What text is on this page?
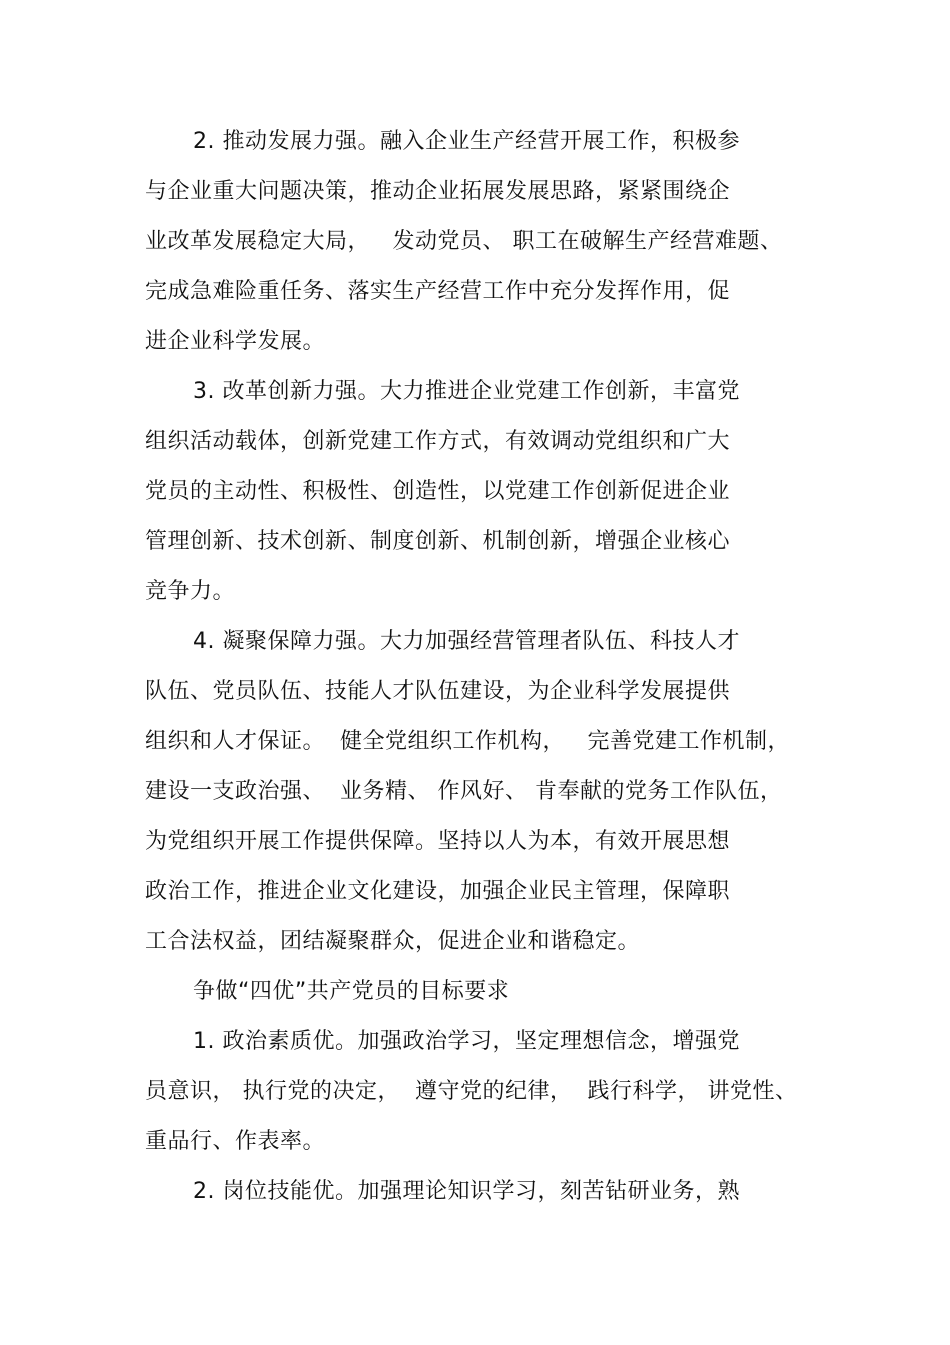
2. 推动发展力强。融入企业生产经营开展工作，积极参
与企业重大问题决策，推动企业拓展发展思路，紧紧围绕企
业改革发展稳定大局，   发动党员、 职工在破解生产经营难题、
完成急难险重任务、落实生产经营工作中充分发挥作用，促
进企业科学发展。
3. 改革创新力强。大力推进企业党建工作创新，丰富党
组织活动载体，创新党建工作方式，有效调动党组织和广大
党员的主动性、积极性、创造性，以党建工作创新促进企业
管理创新、技术创新、制度创新、机制创新，增强企业核心
竞争力。
4. 凝聚保障力强。大力加强经营管理者队伍、科技人才
队伍、党员队伍、技能人才队伍建设，为企业科学发展提供
组织和人才保证。  健全党组织工作机构，   完善党建工作机制，
建设一支政治强、  业务精、 作风好、 肯奉献的党务工作队伍，
为党组织开展工作提供保障。坚持以人为本，有效开展思想
政治工作，推进企业文化建设，加强企业民主管理，保障职
工合法权益，团结凝聚群众，促进企业和谐稳定。
争做“四优”共产党员的目标要求
1. 政治素质优。加强政治学习，坚定理想信念，增强党
员意识， 执行党的决定，  遵守党的纪律，  践行科学， 讲党性、
重品行、作表率。
2. 岗位技能优。加强理论知识学习，刻苦钻研业务，熟
